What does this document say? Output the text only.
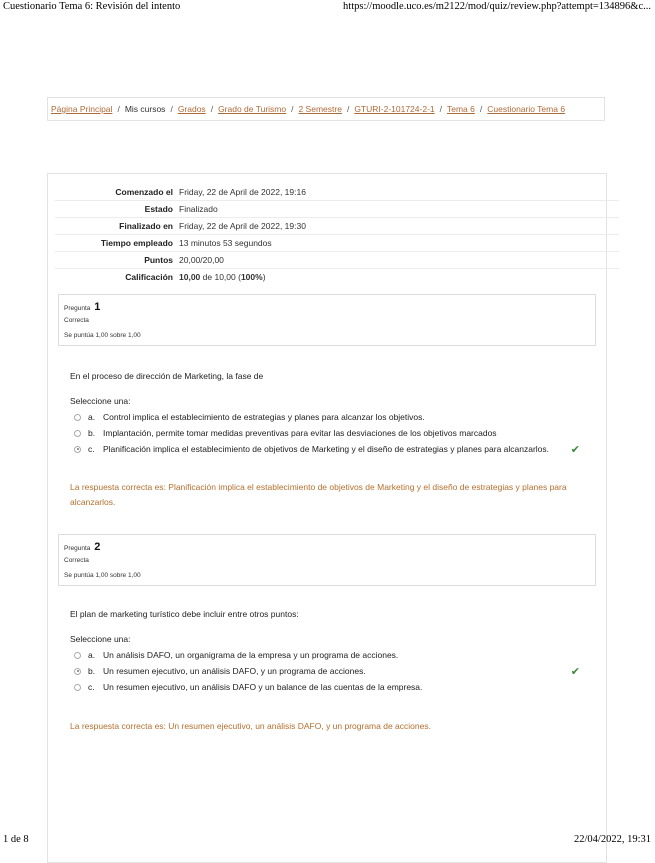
Cuestionario Tema 6: Revisión del intento	https://moodle.uco.es/m2122/mod/quiz/review.php?attempt=134896&c...
Página Principal / Mis cursos / Grados / Grado de Turismo / 2 Semestre / GTURI-2-101724-2-1 / Tema 6 / Cuestionario Tema 6
Comenzado el	Friday, 22 de April de 2022, 19:16
Estado	Finalizado
Finalizado en	Friday, 22 de April de 2022, 19:30
Tiempo empleado	13 minutos 53 segundos
Puntos	20,00/20,00
Calificación	10,00 de 10,00 (100%)
Pregunta 1
Correcta
Se puntúa 1,00 sobre 1,00
En el proceso de dirección de Marketing, la fase de
Seleccione una:
a. Control implica el establecimiento de estrategias y planes para alcanzar los objetivos.
b. Implantación, permite tomar medidas preventivas para evitar las desviaciones de los objetivos marcados
c. Planificación implica el establecimiento de objetivos de Marketing y el diseño de estrategias y planes para alcanzarlos. ✔
La respuesta correcta es: Planificación implica el establecimiento de objetivos de Marketing y el diseño de estrategias y planes para alcanzarlos.
Pregunta 2
Correcta
Se puntúa 1,00 sobre 1,00
El plan de marketing turístico debe incluir entre otros puntos:
Seleccione una:
a. Un análisis DAFO, un organigrama de la empresa y un programa de acciones.
b. Un resumen ejecutivo, un análisis DAFO, y un programa de acciones.	✔
c. Un resumen ejecutivo, un análisis DAFO y un balance de las cuentas de la empresa.
La respuesta correcta es: Un resumen ejecutivo, un análisis DAFO, y un programa de acciones.
1 de 8	22/04/2022, 19:31
